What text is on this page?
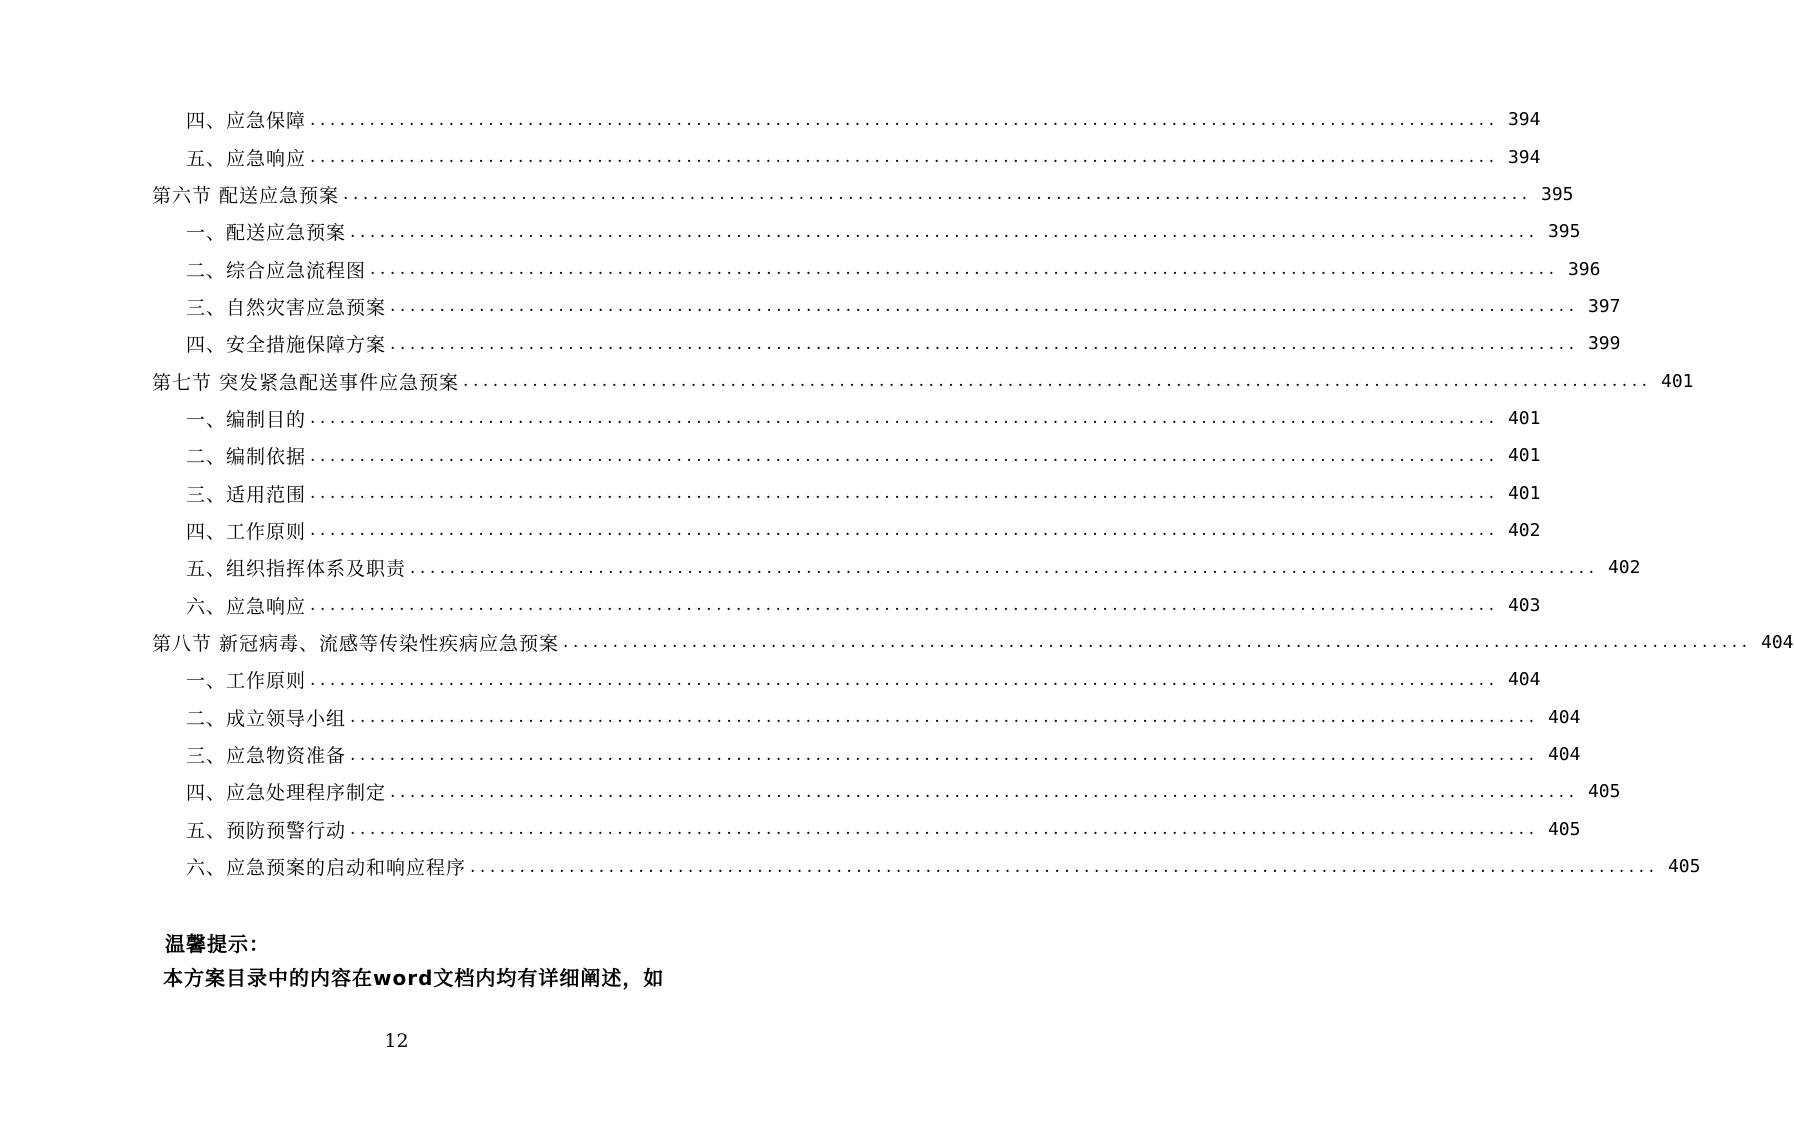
四、应急保障 ........................................................................................................................ 394
五、应急响应 ........................................................................................................................ 394
第六节 配送应急预案 ........................................................................................................................ 395
一、配送应急预案 ........................................................................................................................ 395
二、综合应急流程图 ........................................................................................................................ 396
三、自然灾害应急预案 ........................................................................................................................ 397
四、安全措施保障方案 ........................................................................................................................ 399
第七节 突发紧急配送事件应急预案 ........................................................................................................................ 401
一、编制目的 ........................................................................................................................ 401
二、编制依据 ........................................................................................................................ 401
三、适用范围 ........................................................................................................................ 401
四、工作原则 ........................................................................................................................ 402
五、组织指挥体系及职责 ........................................................................................................................ 402
六、应急响应 ........................................................................................................................ 403
第八节 新冠病毒、流感等传染性疾病应急预案 ........................................................................................................................ 404
一、工作原则 ........................................................................................................................ 404
二、成立领导小组 ........................................................................................................................ 404
三、应急物资准备 ........................................................................................................................ 404
四、应急处理程序制定 ........................................................................................................................ 405
五、预防预警行动 ........................................................................................................................ 405
六、应急预案的启动和响应程序 ........................................................................................................................ 405
温馨提示：
本方案目录中的内容在word文档内均有详细阐述，如
12
